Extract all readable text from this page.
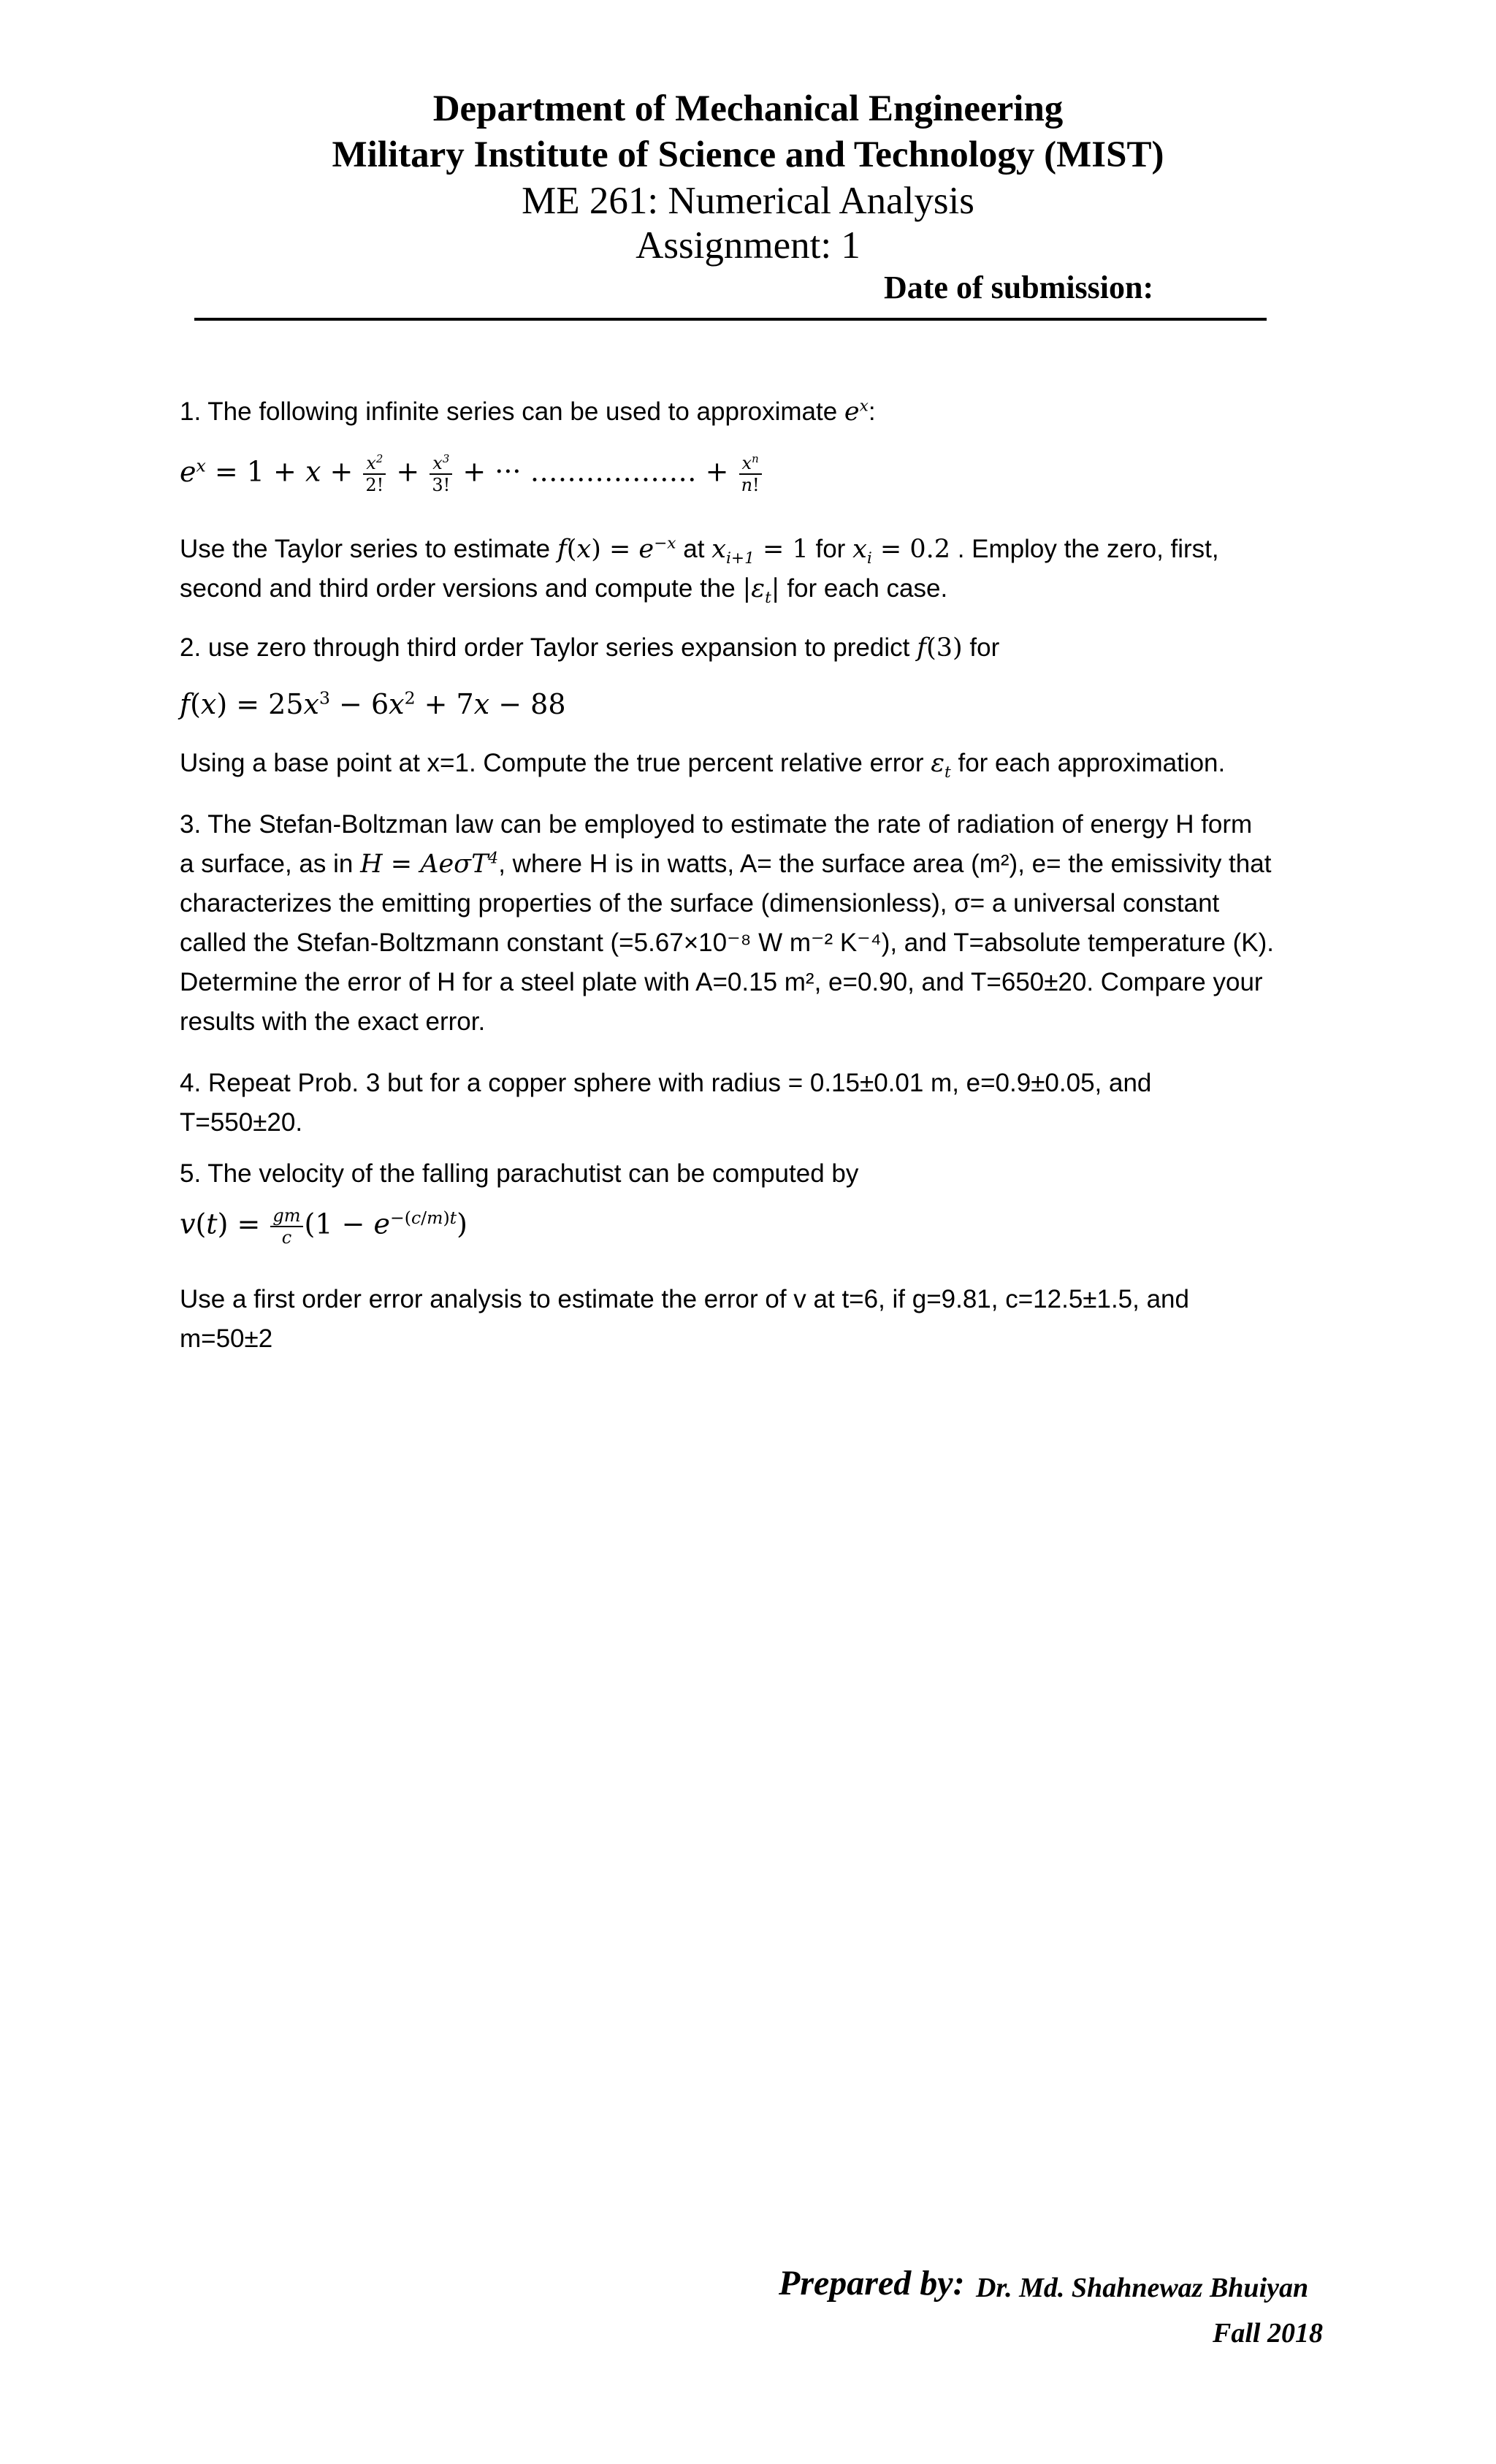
Department of Mechanical Engineering
Military Institute of Science and Technology (MIST)
ME 261: Numerical Analysis
Assignment: 1
Date of submission:

1. The following infinite series can be used to approximate $e^x$:

$e^x = 1 + x + \frac{x^2}{2!} + \frac{x^3}{3!}$ + ··· ……………… + $\frac{x^n}{n!}$

Use the Taylor series to estimate $f(x) = e^{-x}$ at $x_{i+1} = 1$ for $x_i = 0.2$ . Employ the zero, first,

second and third order versions and compute the $|\varepsilon_t|$ for each case.

2. use zero through third order Taylor series expansion to predict f(3) for

$f(x) = 25x^3 - 6x^2 + 7x - 88$

Using a base point at x=1. Compute the true percent relative error $\varepsilon_t$ for each approximation.

3. The Stefan-Boltzman law can be employed to estimate the rate of radiation of energy H form

a surface, as in H = AeσT$^4$, where H is in watts, A= the surface area (m²), e= the emissivity that

characterizes the emitting properties of the surface (dimensionless), σ= a universal constant

called the Stefan-Boltzmann constant (=5.67×10⁻⁸ W m⁻² K⁻⁴), and T=absolute temperature (K).

Determine the error of H for a steel plate with A=0.15 m², e=0.90, and T=650±20. Compare your

results with the exact error.

4. Repeat Prob. 3 but for a copper sphere with radius = 0.15±0.01 m, e=0.9±0.05, and

T=550±20.

5. The velocity of the falling parachutist can be computed by

$v(t) = \frac{gm}{c} (1 - e^{-(c/m)t})$

Use a first order error analysis to estimate the error of v at t=6, if g=9.81, c=12.5±1.5, and

m=50±2

Prepared by: Dr. Md. Shahnewaz Bhuiyan
Fall 2018
